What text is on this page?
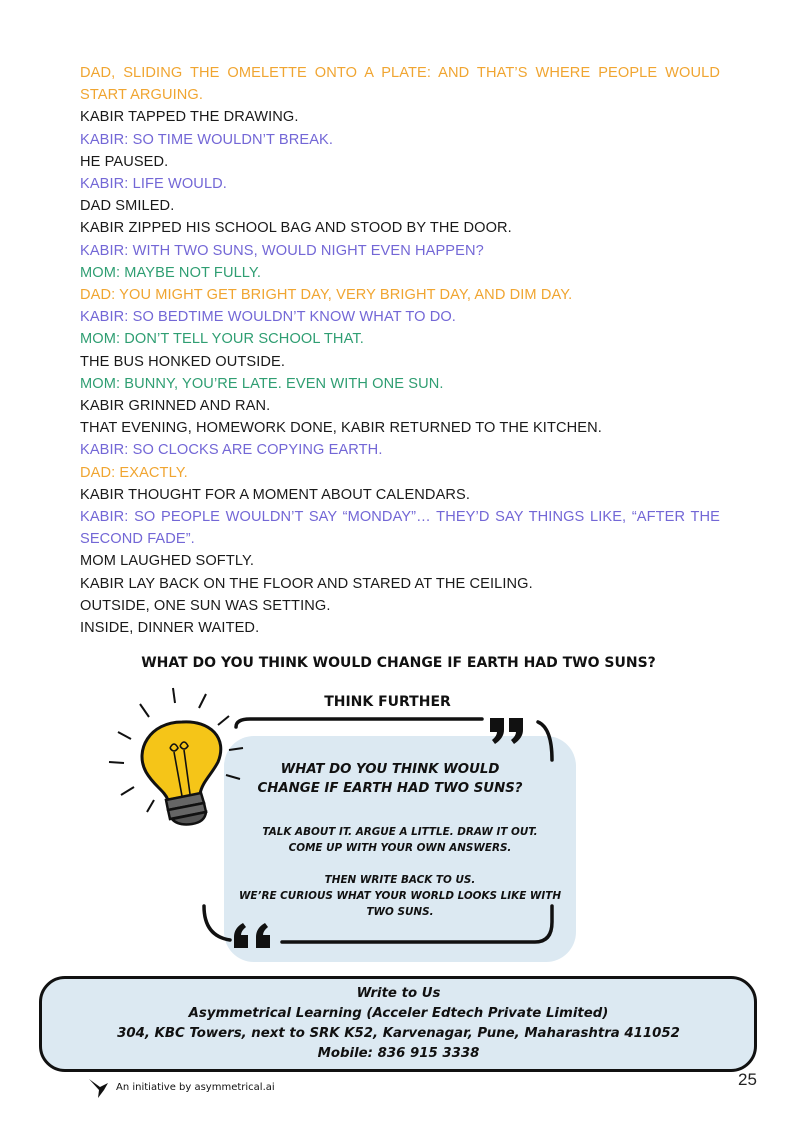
DAD, SLIDING THE OMELETTE ONTO A PLATE: AND THAT’S WHERE PEOPLE WOULD START ARGUING.

KABIR TAPPED THE DRAWING.

KABIR: SO TIME WOULDN’T BREAK.

HE PAUSED.

KABIR: LIFE WOULD.

DAD SMILED.

KABIR ZIPPED HIS SCHOOL BAG AND STOOD BY THE DOOR.

KABIR: WITH TWO SUNS, WOULD NIGHT EVEN HAPPEN?

MOM: MAYBE NOT FULLY.

DAD: YOU MIGHT GET BRIGHT DAY, VERY BRIGHT DAY, AND DIM DAY.

KABIR: SO BEDTIME WOULDN’T KNOW WHAT TO DO.

MOM: DON’T TELL YOUR SCHOOL THAT.

THE BUS HONKED OUTSIDE.

MOM: BUNNY, YOU’RE LATE. EVEN WITH ONE SUN.

KABIR GRINNED AND RAN.

THAT EVENING, HOMEWORK DONE, KABIR RETURNED TO THE KITCHEN.

KABIR: SO CLOCKS ARE COPYING EARTH.

DAD: EXACTLY.

KABIR THOUGHT FOR A MOMENT ABOUT CALENDARS.

KABIR: SO PEOPLE WOULDN’T SAY “MONDAY”… THEY’D SAY THINGS LIKE, “AFTER THE SECOND FADE”.

MOM LAUGHED SOFTLY.

KABIR LAY BACK ON THE FLOOR AND STARED AT THE CEILING.

OUTSIDE, ONE SUN WAS SETTING.

INSIDE, DINNER WAITED.

WHAT DO YOU THINK WOULD CHANGE IF EARTH HAD TWO SUNS?
THINK FURTHER
WHAT DO YOU THINK WOULD
CHANGE IF EARTH HAD TWO SUNS?
TALK ABOUT IT. ARGUE A LITTLE. DRAW IT OUT.
COME UP WITH YOUR OWN ANSWERS.
THEN WRITE BACK TO US.
WE’RE CURIOUS WHAT YOUR WORLD LOOKS LIKE WITH
TWO SUNS.
Write to Us
Asymmetrical Learning (Acceler Edtech Private Limited)
304, KBC Towers, next to SRK K52, Karvenagar, Pune, Maharashtra 411052
Mobile: 836 915 3338
An initiative by asymmetrical.ai	25
